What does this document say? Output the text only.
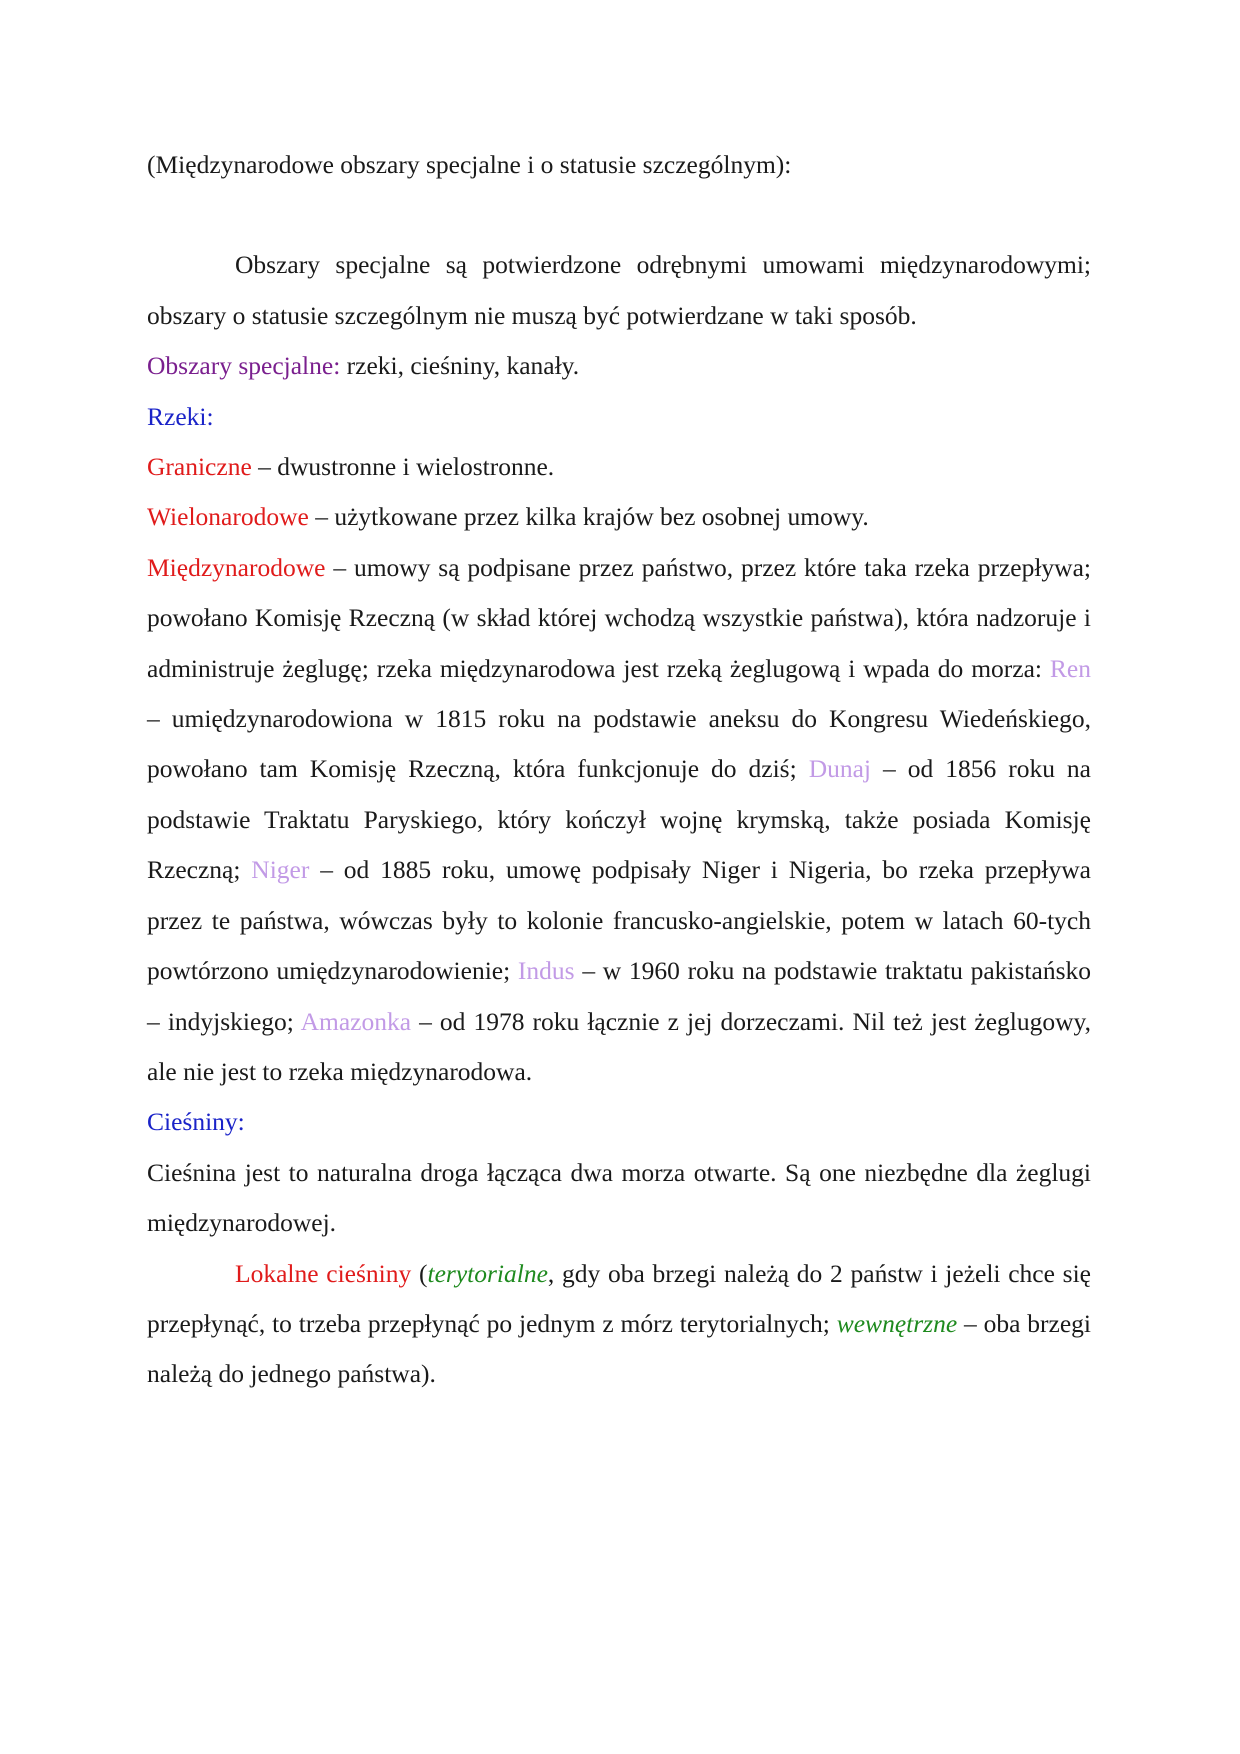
(Międzynarodowe obszary specjalne i o statusie szczególnym):

Obszary specjalne są potwierdzone odrębnymi umowami międzynarodowymi; obszary o statusie szczególnym nie muszą być potwierdzane w taki sposób.

Obszary specjalne: rzeki, cieśniny, kanały.

Rzeki:

Graniczne – dwustronne i wielostronne.

Wielonarodowe – użytkowane przez kilka krajów bez osobnej umowy.

Międzynarodowe – umowy są podpisane przez państwo, przez które taka rzeka przepływa; powołano Komisję Rzeczną (w skład której wchodzą wszystkie państwa), która nadzoruje i administruje żeglugę; rzeka międzynarodowa jest rzeką żeglugową i wpada do morza: Ren – umiędzynarodowiona w 1815 roku na podstawie aneksu do Kongresu Wiedeńskiego, powołano tam Komisję Rzeczną, która funkcjonuje do dziś; Dunaj – od 1856 roku na podstawie Traktatu Paryskiego, który kończył wojnę krymską, także posiada Komisję Rzeczną; Niger – od 1885 roku, umowę podpisały Niger i Nigeria, bo rzeka przepływa przez te państwa, wówczas były to kolonie francusko-angielskie, potem w latach 60-tych powtórzono umiędzynarodowienie; Indus – w 1960 roku na podstawie traktatu pakistańsko – indyjskiego; Amazonka – od 1978 roku łącznie z jej dorzeczami. Nil też jest żeglugowy, ale nie jest to rzeka międzynarodowa.

Cieśniny:

Cieśnina jest to naturalna droga łącząca dwa morza otwarte. Są one niezbędne dla żeglugi międzynarodowej.

Lokalne cieśniny (terytorialne, gdy oba brzegi należą do 2 państw i jeżeli chce się przepłynąć, to trzeba przepłynąć po jednym z mórz terytorialnych; wewnętrzne – oba brzegi należą do jednego państwa).
